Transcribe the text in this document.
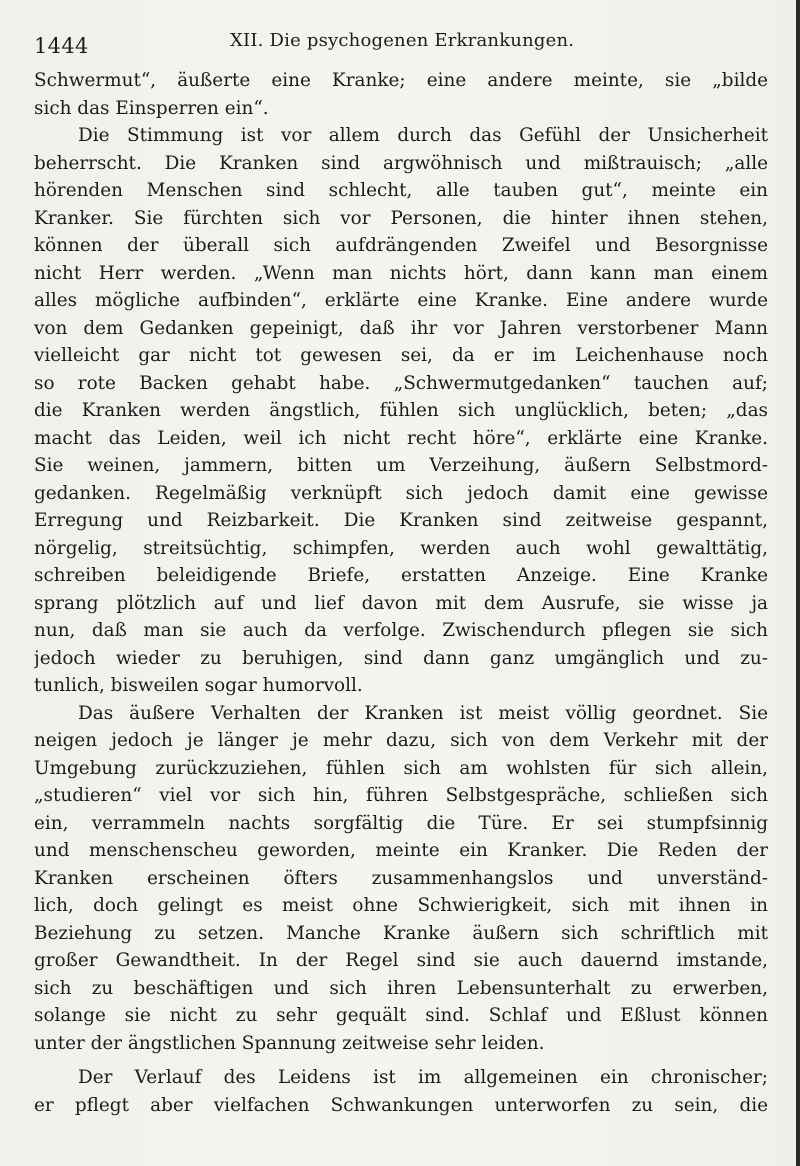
1444	XII. Die psychogenen Erkrankungen.
Schwermut“, äußerte eine Kranke; eine andere meinte, sie „bilde
sich das Einsperren ein“.
Die Stimmung ist vor allem durch das Gefühl der Unsicherheit
beherrscht. Die Kranken sind argwöhnisch und mißtrauisch; „alle
hörenden Menschen sind schlecht, alle tauben gut“, meinte ein
Kranker. Sie fürchten sich vor Personen, die hinter ihnen stehen,
können der überall sich aufdrängenden Zweifel und Besorgnisse
nicht Herr werden. „Wenn man nichts hört, dann kann man einem
alles mögliche aufbinden“, erklärte eine Kranke. Eine andere wurde
von dem Gedanken gepeinigt, daß ihr vor Jahren verstorbener Mann
vielleicht gar nicht tot gewesen sei, da er im Leichenhause noch
so rote Backen gehabt habe. „Schwermutgedanken“ tauchen auf;
die Kranken werden ängstlich, fühlen sich unglücklich, beten; „das
macht das Leiden, weil ich nicht recht höre“, erklärte eine Kranke.
Sie weinen, jammern, bitten um Verzeihung, äußern Selbstmord-
gedanken. Regelmäßig verknüpft sich jedoch damit eine gewisse
Erregung und Reizbarkeit. Die Kranken sind zeitweise gespannt,
nörgelig, streitsüchtig, schimpfen, werden auch wohl gewalttätig,
schreiben beleidigende Briefe, erstatten Anzeige. Eine Kranke
sprang plötzlich auf und lief davon mit dem Ausrufe, sie wisse ja
nun, daß man sie auch da verfolge. Zwischendurch pflegen sie sich
jedoch wieder zu beruhigen, sind dann ganz umgänglich und zu-
tunlich, bisweilen sogar humorvoll.
Das äußere Verhalten der Kranken ist meist völlig geordnet. Sie
neigen jedoch je länger je mehr dazu, sich von dem Verkehr mit der
Umgebung zurückzuziehen, fühlen sich am wohlsten für sich allein,
„studieren“ viel vor sich hin, führen Selbstgespräche, schließen sich
ein, verrammeln nachts sorgfältig die Türe. Er sei stumpfsinnig
und menschenscheu geworden, meinte ein Kranker. Die Reden der
Kranken erscheinen öfters zusammenhangslos und unverständ-
lich, doch gelingt es meist ohne Schwierigkeit, sich mit ihnen in
Beziehung zu setzen. Manche Kranke äußern sich schriftlich mit
großer Gewandtheit. In der Regel sind sie auch dauernd imstande,
sich zu beschäftigen und sich ihren Lebensunterhalt zu erwerben,
solange sie nicht zu sehr gequält sind. Schlaf und Eßlust können
unter der ängstlichen Spannung zeitweise sehr leiden.
Der Verlauf des Leidens ist im allgemeinen ein chronischer;
er pflegt aber vielfachen Schwankungen unterworfen zu sein, die
